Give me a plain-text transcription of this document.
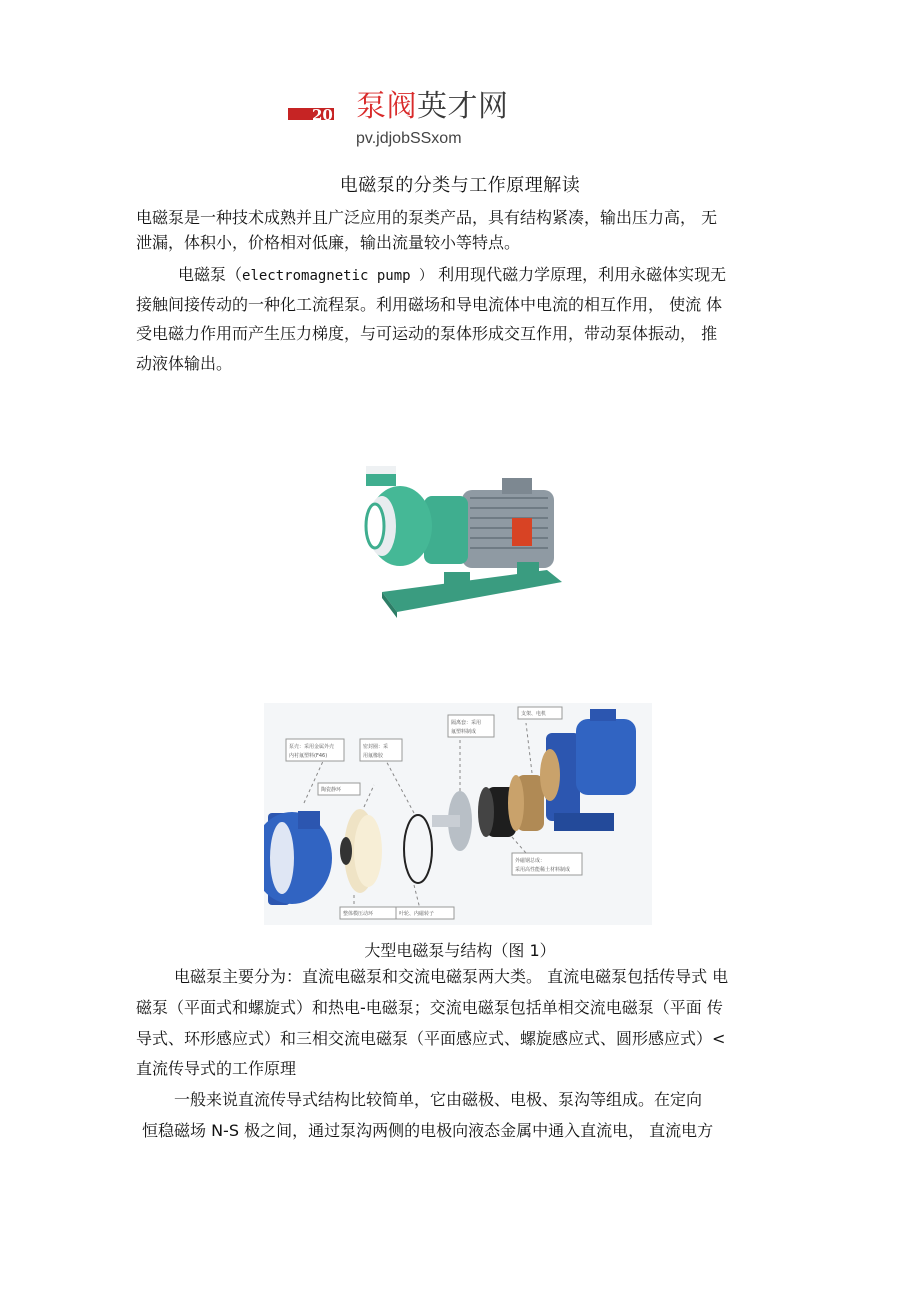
20 泵阀英才网
pv.jdjobSSxom
电磁泵的分类与工作原理解读
电磁泵是一种技术成熟并且广泛应用的泵类产品，具有结构紧凑，输出压力高， 无
泄漏，体积小，价格相对低廉，输出流量较小等特点。
电磁泵（electromagnetic pump ） 利用现代磁力学原理，利用永磁体实现无
接触间接传动的一种化工流程泵。利用磁场和导电流体中电流的相互作用， 使流 体
受电磁力作用而产生压力梯度，与可运动的泵体形成交互作用，带动泵体振动， 推
动液体输出。
泵壳：采用金属外壳
内衬氟塑料(F46)
密封圈：采
用氟橡胶
隔离套：采用
氟塑料制成
支架、电机
陶瓷静环
外磁钢总成：
采用高性能稀土材料制成
整体模压动环	叶轮、内磁转子
大型电磁泵与结构（图 1）
电磁泵主要分为：直流电磁泵和交流电磁泵两大类。 直流电磁泵包括传导式 电
磁泵（平面式和螺旋式）和热电-电磁泵；交流电磁泵包括单相交流电磁泵（平面 传
导式、环形感应式）和三相交流电磁泵（平面感应式、螺旋感应式、圆形感应式）<
直流传导式的工作原理
一般来说直流传导式结构比较简单，它由磁极、电极、泵沟等组成。在定向
恒稳磁场 N-S 极之间，通过泵沟两侧的电极向液态金属中通入直流电， 直流电方
